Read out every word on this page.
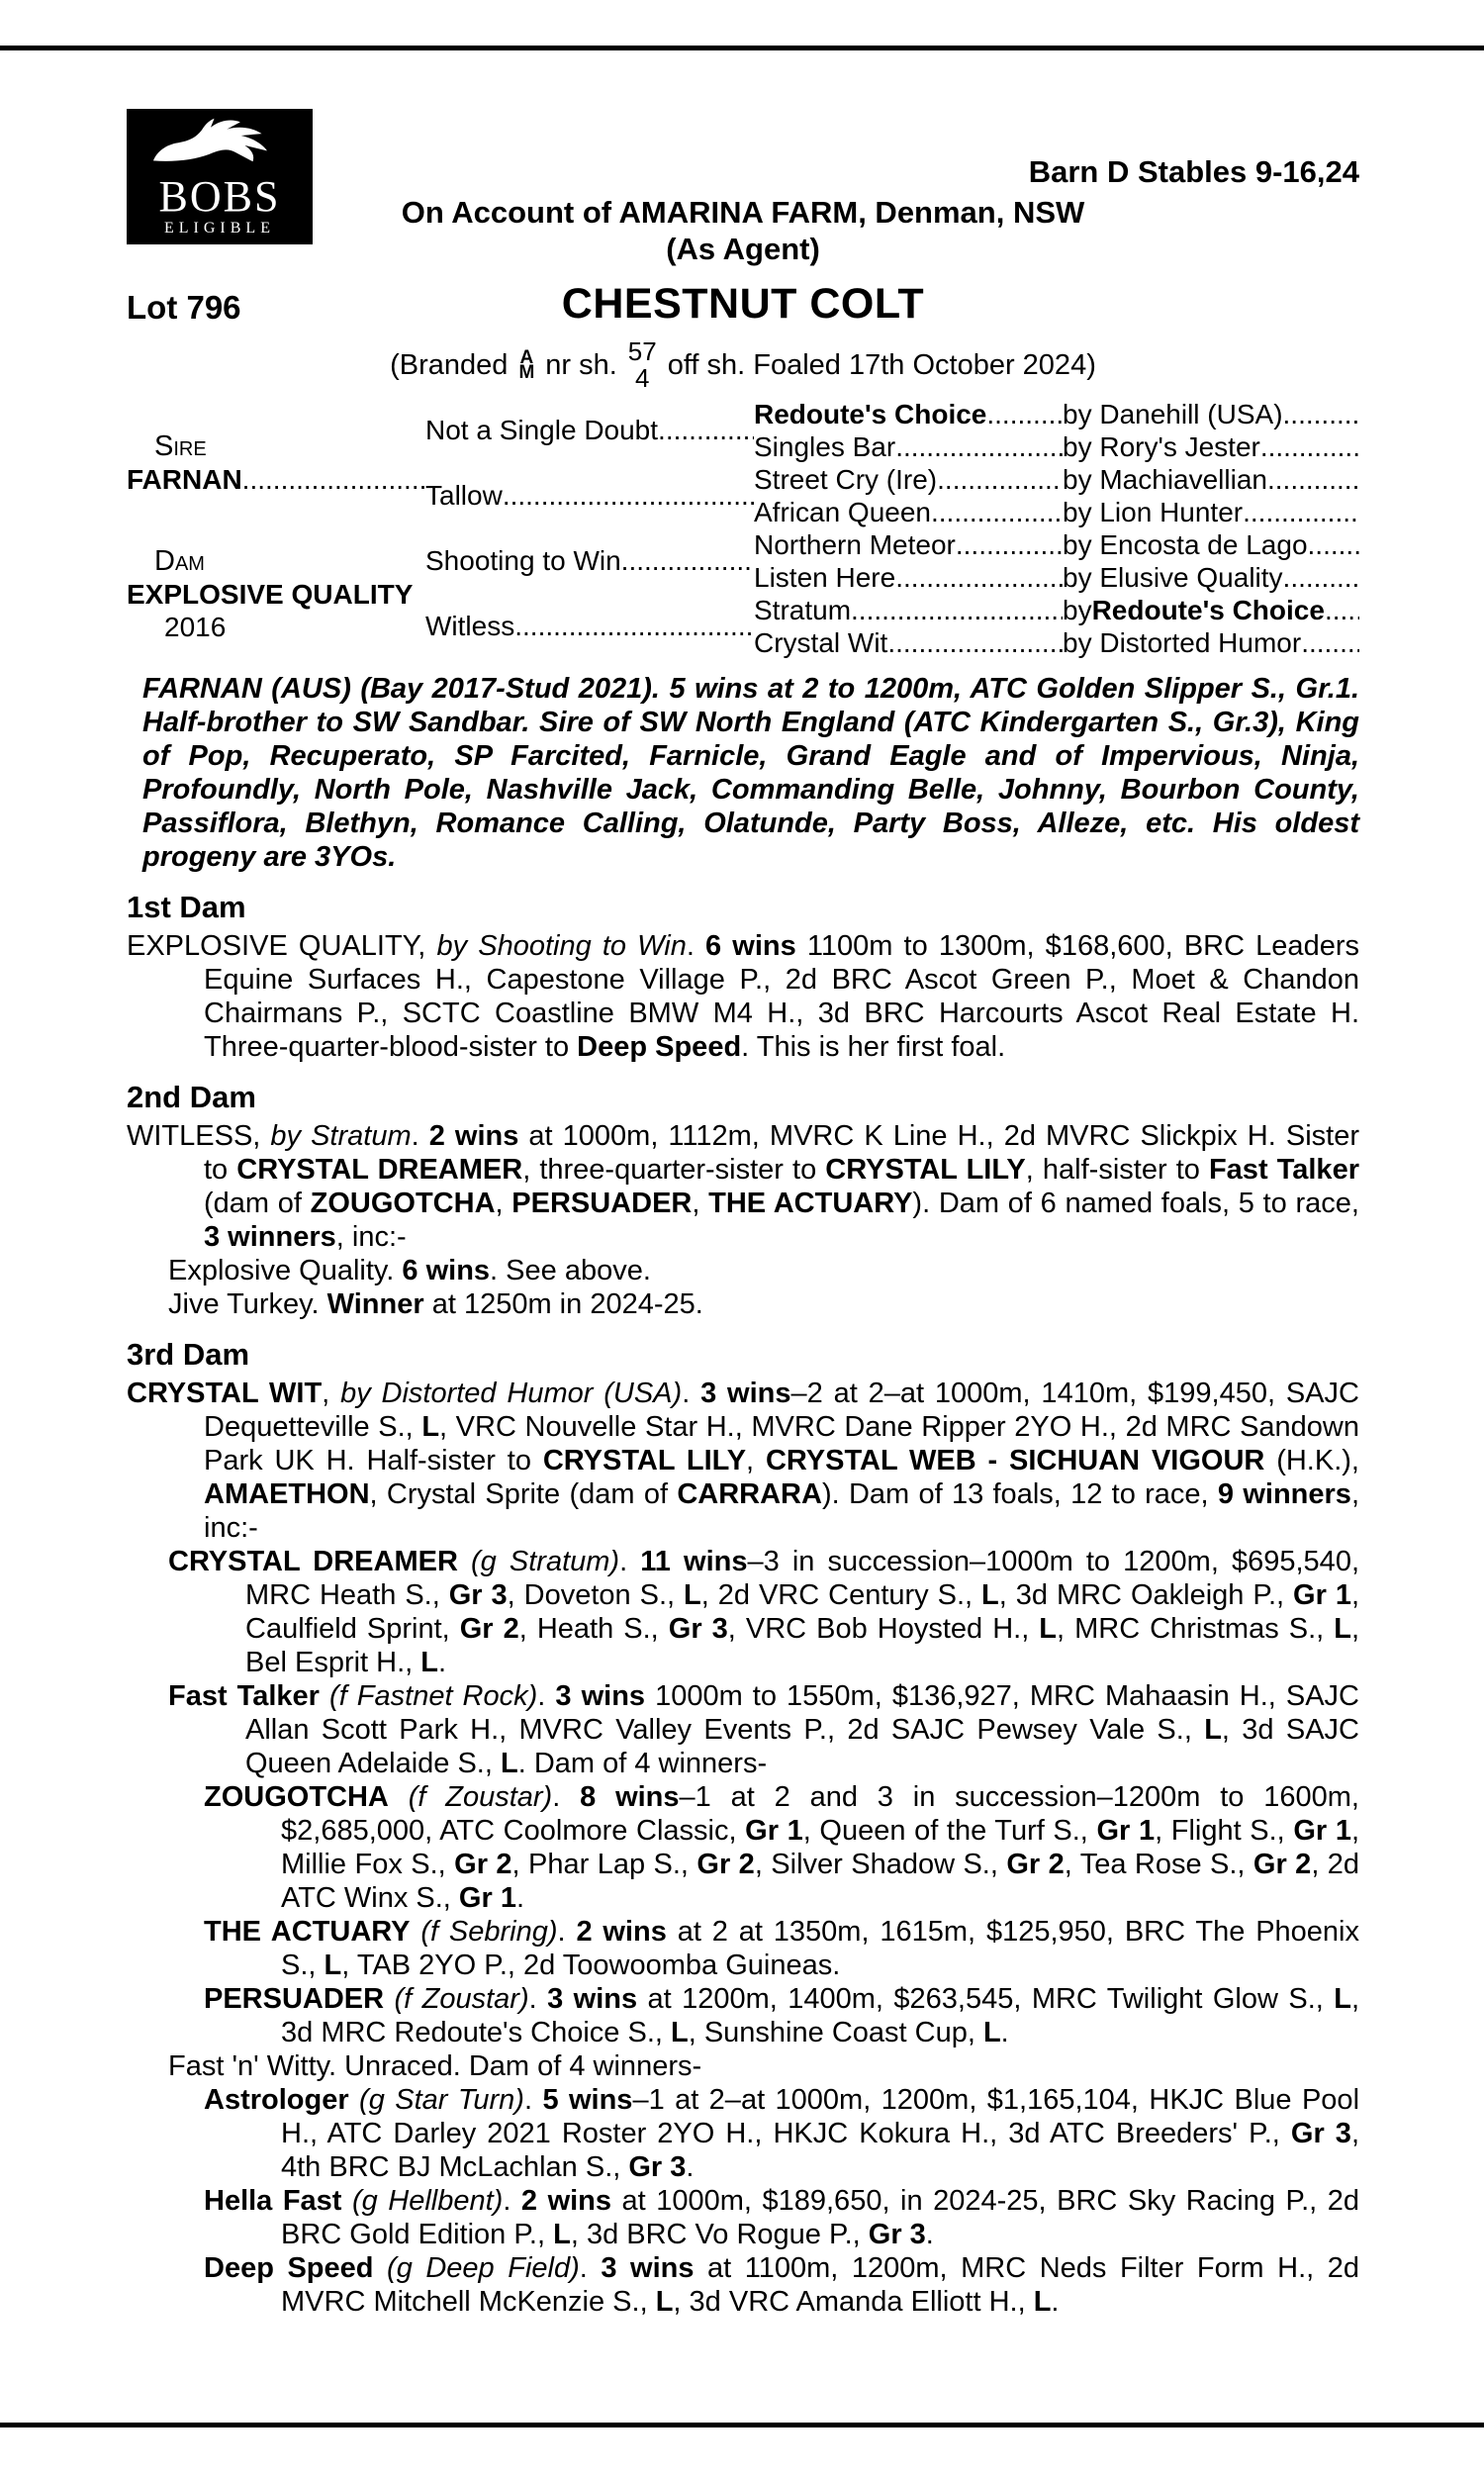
BOBS
ELIGIBLE
Barn D Stables 9-16,24
On Account of AMARINA FARM, Denman, NSW
(As Agent)
Lot 796	CHESTNUT COLT
(Branded A
M nr sh. 57
4 off sh. Foaled 17th October 2024)
Sire
FARNAN
.....
Not a Single Doubt
.....
Redoute's Choice .....	by Danehill (USA)
.....
Singles Bar .....	by Rory's Jester
.....
Tallow
.....
Street Cry (Ire) .....	by Machiavellian
.....
African Queen .....	by Lion Hunter
.....
Dam
EXPLOSIVE QUALITY
2016
Shooting to Win
.....
Northern Meteor .....	by Encosta de Lago
.....
Listen Here .....	by Elusive Quality
.....
Witless
.....
Stratum .....	by Redoute's Choice
.....
Crystal Wit .....	by Distorted Humor
.....

FARNAN (AUS) (Bay 2017-Stud 2021). 5 wins at 2 to 1200m, ATC Golden Slipper S., Gr.1. Half-brother to SW Sandbar. Sire of SW North England (ATC Kindergarten S., Gr.3), King of Pop, Recuperato, SP Farcited, Farnicle, Grand Eagle and of Impervious, Ninja, Profoundly, North Pole, Nashville Jack, Commanding Belle, Johnny, Bourbon County, Passiflora, Blethyn, Romance Calling, Olatunde, Party Boss, Alleze, etc. His oldest progeny are 3YOs.

1st Dam

EXPLOSIVE QUALITY, by Shooting to Win. 6 wins 1100m to 1300m, $168,600, BRC Leaders Equine Surfaces H., Capestone Village P., 2d BRC Ascot Green P., Moet & Chandon Chairmans P., SCTC Coastline BMW M4 H., 3d BRC Harcourts Ascot Real Estate H. Three-quarter-blood-sister to Deep Speed. This is her first foal.

2nd Dam

WITLESS, by Stratum. 2 wins at 1000m, 1112m, MVRC K Line H., 2d MVRC Slickpix H. Sister to CRYSTAL DREAMER, three-quarter-sister to CRYSTAL LILY, half-sister to Fast Talker (dam of ZOUGOTCHA, PERSUADER, THE ACTUARY). Dam of 6 named foals, 5 to race, 3 winners, inc:-

Explosive Quality. 6 wins. See above.

Jive Turkey. Winner at 1250m in 2024-25.

3rd Dam

CRYSTAL WIT, by Distorted Humor (USA). 3 wins–2 at 2–at 1000m, 1410m, $199,450, SAJC Dequetteville S., L, VRC Nouvelle Star H., MVRC Dane Ripper 2YO H., 2d MRC Sandown Park UK H. Half-sister to CRYSTAL LILY, CRYSTAL WEB - SICHUAN VIGOUR (H.K.), AMAETHON, Crystal Sprite (dam of CARRARA). Dam of 13 foals, 12 to race, 9 winners, inc:-

CRYSTAL DREAMER (g Stratum). 11 wins–3 in succession–1000m to 1200m, $695,540, MRC Heath S., Gr 3, Doveton S., L, 2d VRC Century S., L, 3d MRC Oakleigh P., Gr 1, Caulfield Sprint, Gr 2, Heath S., Gr 3, VRC Bob Hoysted H., L, MRC Christmas S., L, Bel Esprit H., L.

Fast Talker (f Fastnet Rock). 3 wins 1000m to 1550m, $136,927, MRC Mahaasin H., SAJC Allan Scott Park H., MVRC Valley Events P., 2d SAJC Pewsey Vale S., L, 3d SAJC Queen Adelaide S., L. Dam of 4 winners-

ZOUGOTCHA (f Zoustar). 8 wins–1 at 2 and 3 in succession–1200m to 1600m, $2,685,000, ATC Coolmore Classic, Gr 1, Queen of the Turf S., Gr 1, Flight S., Gr 1, Millie Fox S., Gr 2, Phar Lap S., Gr 2, Silver Shadow S., Gr 2, Tea Rose S., Gr 2, 2d ATC Winx S., Gr 1.

THE ACTUARY (f Sebring). 2 wins at 2 at 1350m, 1615m, $125,950, BRC The Phoenix S., L, TAB 2YO P., 2d Toowoomba Guineas.

PERSUADER (f Zoustar). 3 wins at 1200m, 1400m, $263,545, MRC Twilight Glow S., L, 3d MRC Redoute's Choice S., L, Sunshine Coast Cup, L.

Fast 'n' Witty. Unraced. Dam of 4 winners-

Astrologer (g Star Turn). 5 wins–1 at 2–at 1000m, 1200m, $1,165,104, HKJC Blue Pool H., ATC Darley 2021 Roster 2YO H., HKJC Kokura H., 3d ATC Breeders' P., Gr 3, 4th BRC BJ McLachlan S., Gr 3.

Hella Fast (g Hellbent). 2 wins at 1000m, $189,650, in 2024-25, BRC Sky Racing P., 2d BRC Gold Edition P., L, 3d BRC Vo Rogue P., Gr 3.

Deep Speed (g Deep Field). 3 wins at 1100m, 1200m, MRC Neds Filter Form H., 2d MVRC Mitchell McKenzie S., L, 3d VRC Amanda Elliott H., L.
